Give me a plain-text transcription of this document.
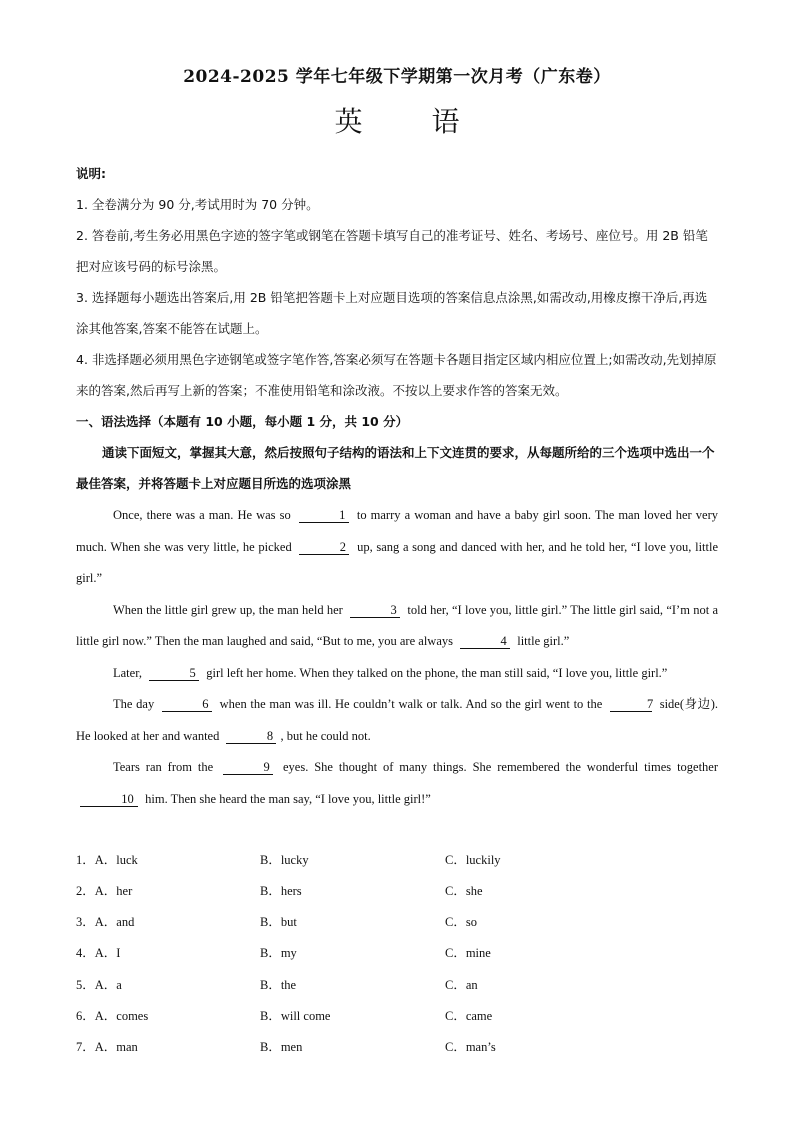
2024-2025 学年七年级下学期第一次月考（广东卷）
英 语
说明:
1. 全卷满分为 90 分,考试用时为 70 分钟。
2. 答卷前,考生务必用黑色字迹的签字笔或钢笔在答题卡填写自己的准考证号、姓名、考场号、座位号。用 2B 铅笔把对应该号码的标号涂黑。
3. 选择题每小题选出答案后,用 2B 铅笔把答题卡上对应题目选项的答案信息点涂黑,如需改动,用橡皮擦干净后,再选涂其他答案,答案不能答在试题上。
4. 非选择题必须用黑色字迹钢笔或签字笔作答,答案必须写在答题卡各题目指定区域内相应位置上;如需改动,先划掉原来的答案,然后再写上新的答案；不准使用铅笔和涂改液。不按以上要求作答的答案无效。
一、语法选择（本题有 10 小题，每小题 1 分，共 10 分）
通读下面短文，掌握其大意，然后按照句子结构的语法和上下文连贯的要求，从每题所给的三个选项中选出一个最佳答案，并将答题卡上对应题目所选的选项涂黑
Once, there was a man. He was so	1 to marry a woman and have a baby girl soon. The man loved her very much. When she was very little, he picked	2 up, sang a song and danced with her, and he told her, “I love you, little girl.”
When the little girl grew up, the man held her	3 told her, “I love you, little girl.” The little girl said, “I’m not a little girl now.” Then the man laughed and said, “But to me, you are always	4 little girl.”
Later,	5 girl left her home. When they talked on the phone, the man still said, “I love you, little girl.”
The day	6 when the man was ill. He couldn’t walk or talk. And so the girl went to the	7 side(身边). He looked at her and wanted	8 , but he could not.
Tears ran from the	9 eyes. She thought of many things. She remembered the wonderful times together 10 him. Then she heard the man say, “I love you, little girl!”
1．A．luck	B．lucky	C．luckily
2．A．her	B．hers	C．she
3．A．and	B．but	C．so
4．A．I	B．my	C．mine
5．A．a	B．the	C．an
6．A．comes	B．will come	C．came
7．A．man	B．men	C．man’s
